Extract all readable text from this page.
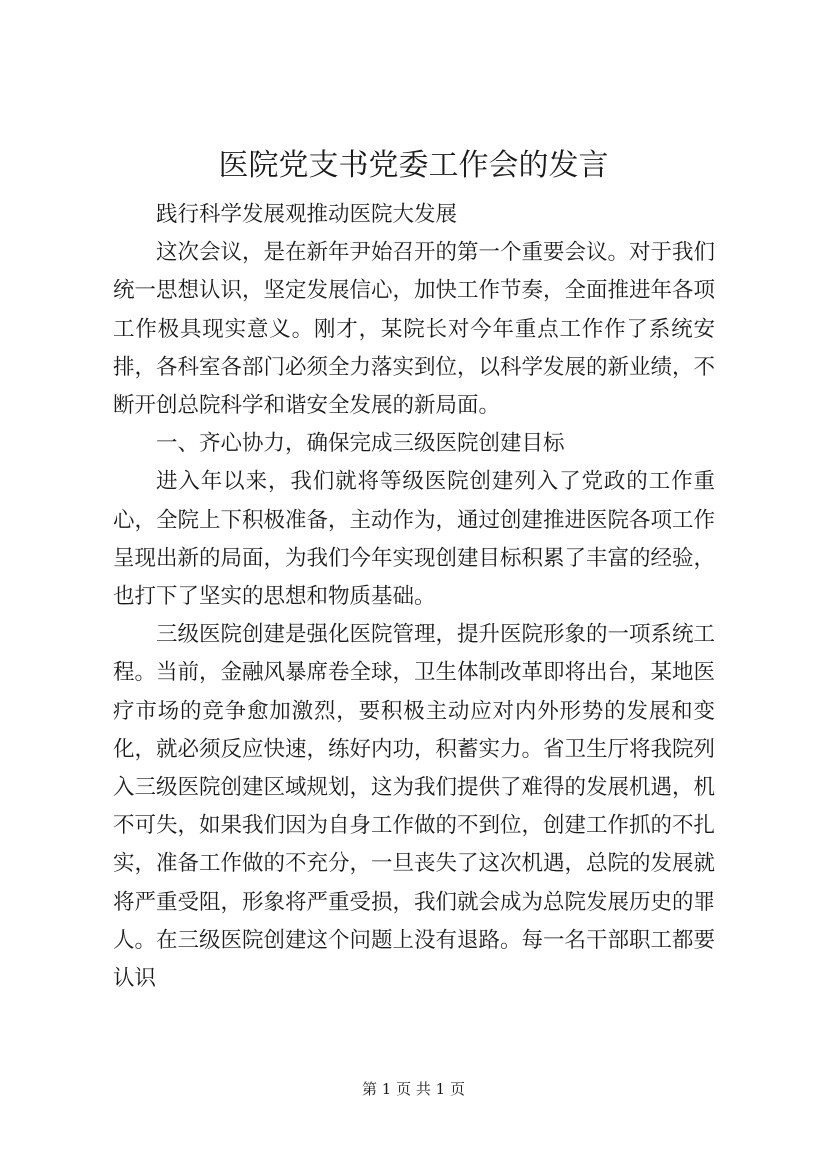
医院党支书党委工作会的发言

践行科学发展观推动医院大发展

这次会议，是在新年尹始召开的第一个重要会议。对于我们统一思想认识，坚定发展信心，加快工作节奏，全面推进年各项工作极具现实意义。刚才，某院长对今年重点工作作了系统安排，各科室各部门必须全力落实到位，以科学发展的新业绩，不断开创总院科学和谐安全发展的新局面。

一、齐心协力，确保完成三级医院创建目标

进入年以来，我们就将等级医院创建列入了党政的工作重心，全院上下积极准备，主动作为，通过创建推进医院各项工作呈现出新的局面，为我们今年实现创建目标积累了丰富的经验，也打下了坚实的思想和物质基础。

三级医院创建是强化医院管理，提升医院形象的一项系统工程。当前，金融风暴席卷全球，卫生体制改革即将出台，某地医疗市场的竞争愈加激烈，要积极主动应对内外形势的发展和变化，就必须反应快速，练好内功，积蓄实力。省卫生厅将我院列入三级医院创建区域规划，这为我们提供了难得的发展机遇，机不可失，如果我们因为自身工作做的不到位，创建工作抓的不扎实，准备工作做的不充分，一旦丧失了这次机遇，总院的发展就将严重受阻，形象将严重受损，我们就会成为总院发展历史的罪人。在三级医院创建这个问题上没有退路。每一名干部职工都要认识

第 1 页 共 1 页
